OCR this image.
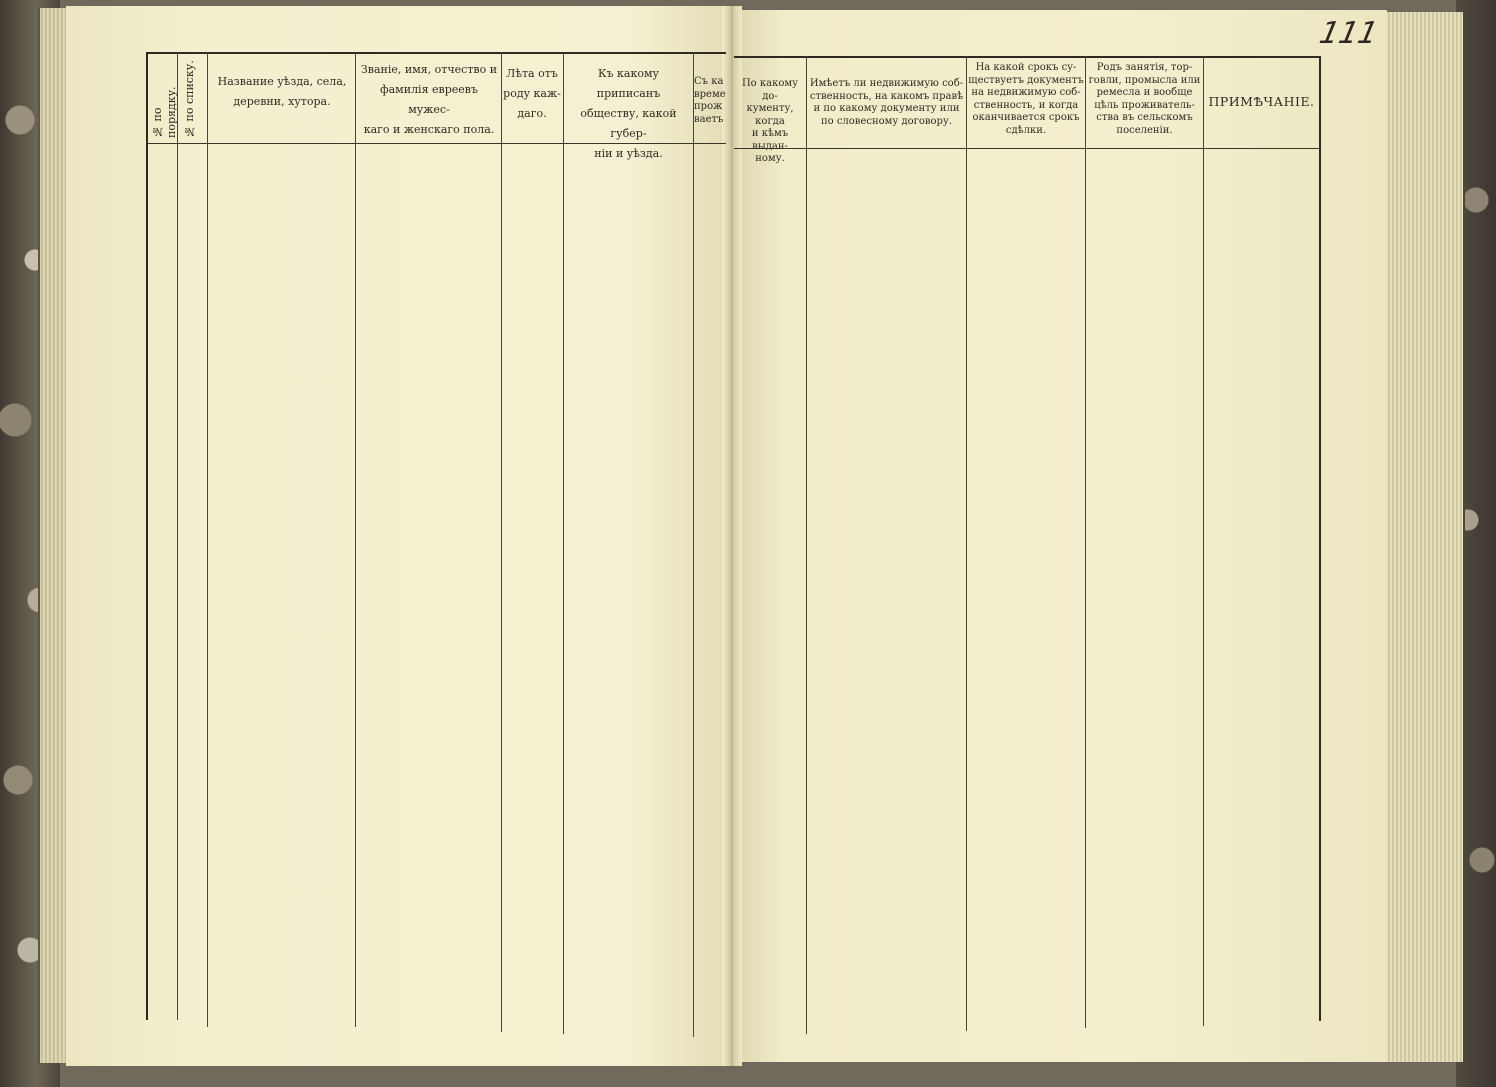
111
№ по порядку. № по списку.	Название уѣзда, села,
деревни, хутора.
Званіе, имя, отчество и
фамилія евреевъ мужес-
каго и женскаго пола.
Лѣта отъ
роду каж-
даго.
Къ какому приписанъ
обществу, какой губер-
ніи и уѣзда.
Съ ка
време
прож
ваетъ
По какому до-
кументу, когда
и кѣмъ выдан-
ному.
Имѣетъ ли недвижимую соб-
ственность, на какомъ правѣ
и по какому документу или
по словесному договору.
На какой срокъ су-
ществуетъ документъ
на недвижимую соб-
ственность, и когда
оканчивается срокъ
сдѣлки.
Родъ занятія, тор-
говли, промысла или
ремесла и вообще
цѣль проживатель-
ства въ сельскомъ
поселеніи.
ПРИМѢЧАНІЕ.
